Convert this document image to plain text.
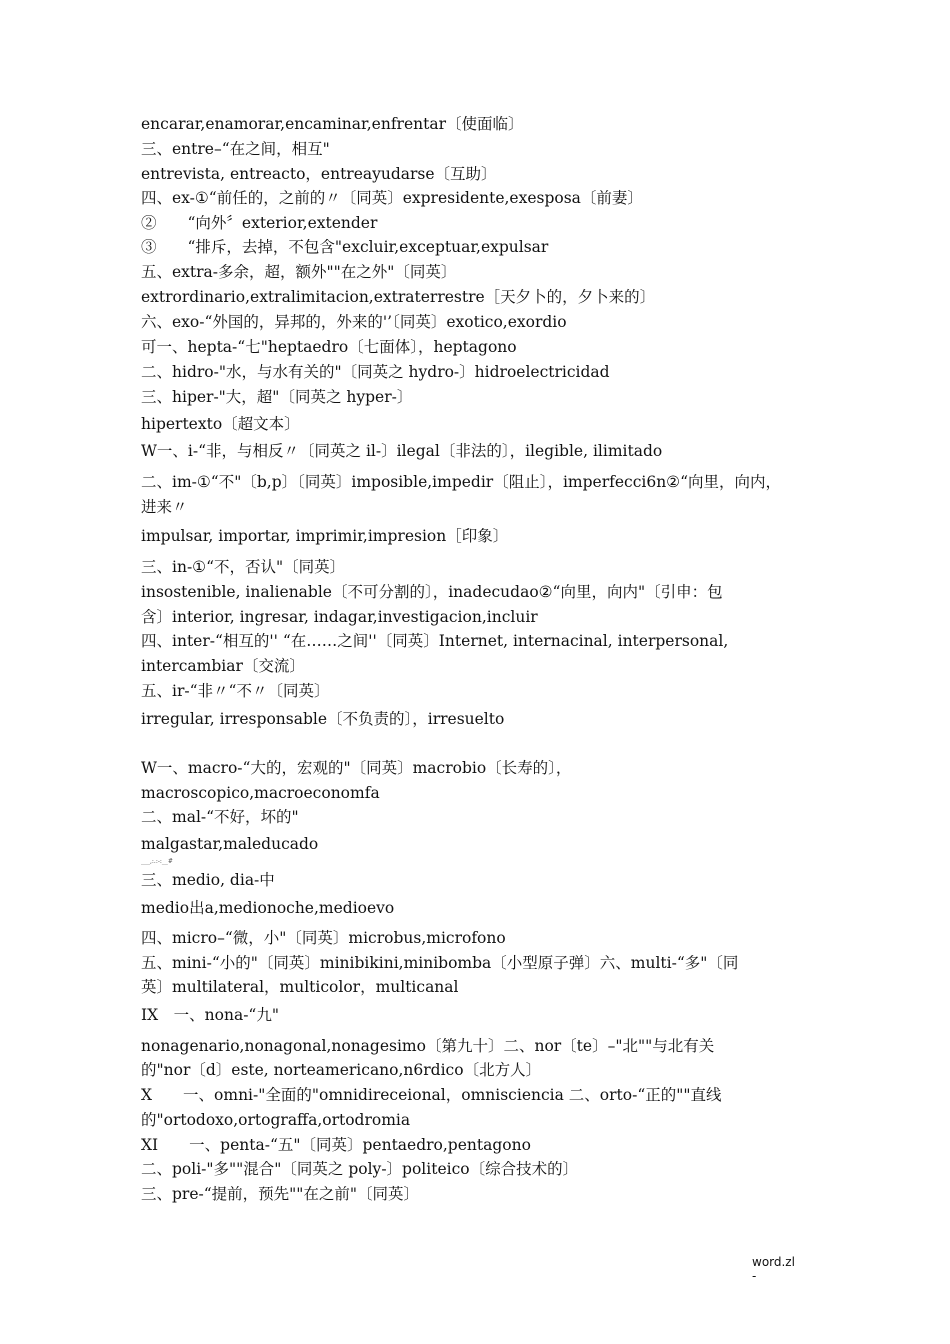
encarar,enamorar,encaminar,enfrentar〔使面临〕
三、entre–“在之间，相互"
entrevista, entreacto，entreayudarse〔互助〕
四、ex-①“前任的，之前的〃〔同英〕expresidente,exesposa〔前妻〕
②　　“向外〞exterior,extender
③　　“排斥，去掉，不包含"excluir,exceptuar,expulsar
五、extra-多余，超，额外""在之外"〔同英〕
extrordinario,extralimitacion,extraterrestre［天夕卜的，夕卜来的〕
六、exo-“外国的，异邦的，外来的'’〔同英〕exotico,exordio
可一、hepta-“七"heptaedro〔七面体〕，heptagono
二、hidro-"水，与水有关的"〔同英之 hydro-〕hidroelectricidad
三、hiper-"大，超"〔同英之 hyper-〕
hipertexto〔超文本〕
W一、i-“非，与相反〃〔同英之 il-〕ilegal〔非法的〕，ilegible, ilimitado
二、im-①“不"〔b,p〕〔同英〕imposible,impedir〔阻止〕，imperfecci6n②“向里，向内，
进来〃
impulsar, importar, imprimir,impresion［印象〕
三、in-①“不，否认"〔同英〕
insostenible, inalienable〔不可分割的〕，inadecudao②“向里，向内"〔引申：包
含〕interior, ingresar, indagar,investigacion,incluir
四、inter-“相互的'' “在……之间''〔同英〕Internet, internacinal, interpersonal,
intercambiar〔交流〕
五、ir-“非〃“不〃〔同英〕
irregular, irresponsable〔不负责的〕，irresuelto
W一、macro-“大的，宏观的"〔同英〕macrobio〔长寿的〕，
macroscopico,macroeconomfa
二、mal-“不好，坏的"
malgastar,maleducado
___,:.:-:__#
三、medio, dia-中
medio出a,medionoche,medioevo
四、micro–“微，小"〔同英〕microbus,microfono
五、mini-“小的"〔同英〕minibikini,minibomba〔小型原子弹〕六、multi-“多"〔同
英〕multilateral，multicolor，multicanal
IX　一、nona-“九"
nonagenario,nonagonal,nonagesimo〔第九十〕二、nor〔te〕–"北""与北有关
的"nor〔d〕este, norteamericano,n6rdico〔北方人〕
X　　一、omni-"全面的"omnidireceional，omnisciencia 二、orto-“正的""直线
的"ortodoxo,ortograffa,ortodromia
XI　　一、penta-“五"〔同英〕pentaedro,pentagono
二、poli-"多""混合"〔同英之 poly-〕politeico〔综合技术的〕
三、pre-“提前，预先""在之前"〔同英〕
word.zl
-
